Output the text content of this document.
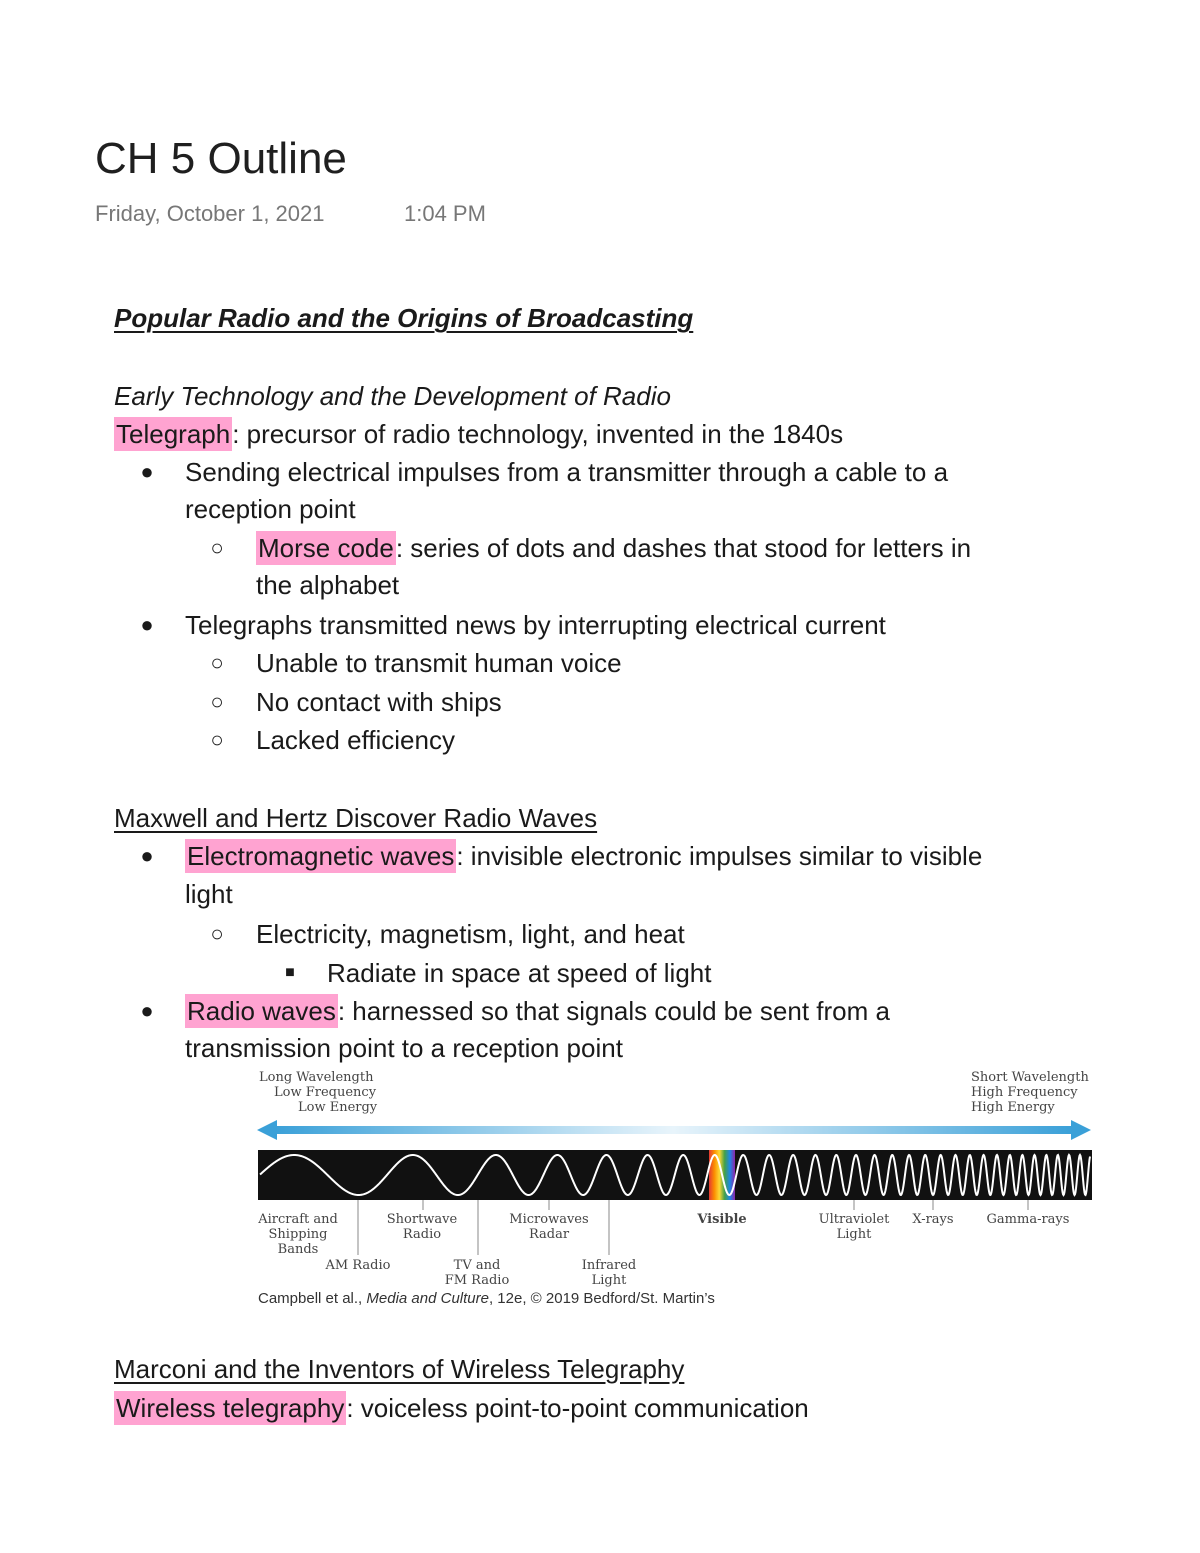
CH 5 Outline
Friday, October 1, 2021	1:04 PM
Popular Radio and the Origins of Broadcasting
Early Technology and the Development of Radio
Telegraph: precursor of radio technology, invented in the 1840s
● Sending electrical impulses from a transmitter through a cable to a
reception point
○ Morse code: series of dots and dashes that stood for letters in
the alphabet
● Telegraphs transmitted news by interrupting electrical current
○ Unable to transmit human voice
○ No contact with ships
○ Lacked efficiency
Maxwell and Hertz Discover Radio Waves
● Electromagnetic waves: invisible electronic impulses similar to visible
light
○ Electricity, magnetism, light, and heat
■ Radiate in space at speed of light
● Radio waves: harnessed so that signals could be sent from a
transmission point to a reception point
Long Wavelength
Low Frequency
Low Energy
Short Wavelength
High Frequency
High Energy
Aircraft and
Shipping
Bands
AM Radio
Shortwave
Radio
TV and
FM Radio
Microwaves
Radar
Infrared
Light
Visible	Ultraviolet
Light
X-rays	Gamma-rays
Campbell et al., Media and Culture, 12e, © 2019 Bedford/St. Martin’s
Marconi and the Inventors of Wireless Telegraphy
Wireless telegraphy: voiceless point-to-point communication
